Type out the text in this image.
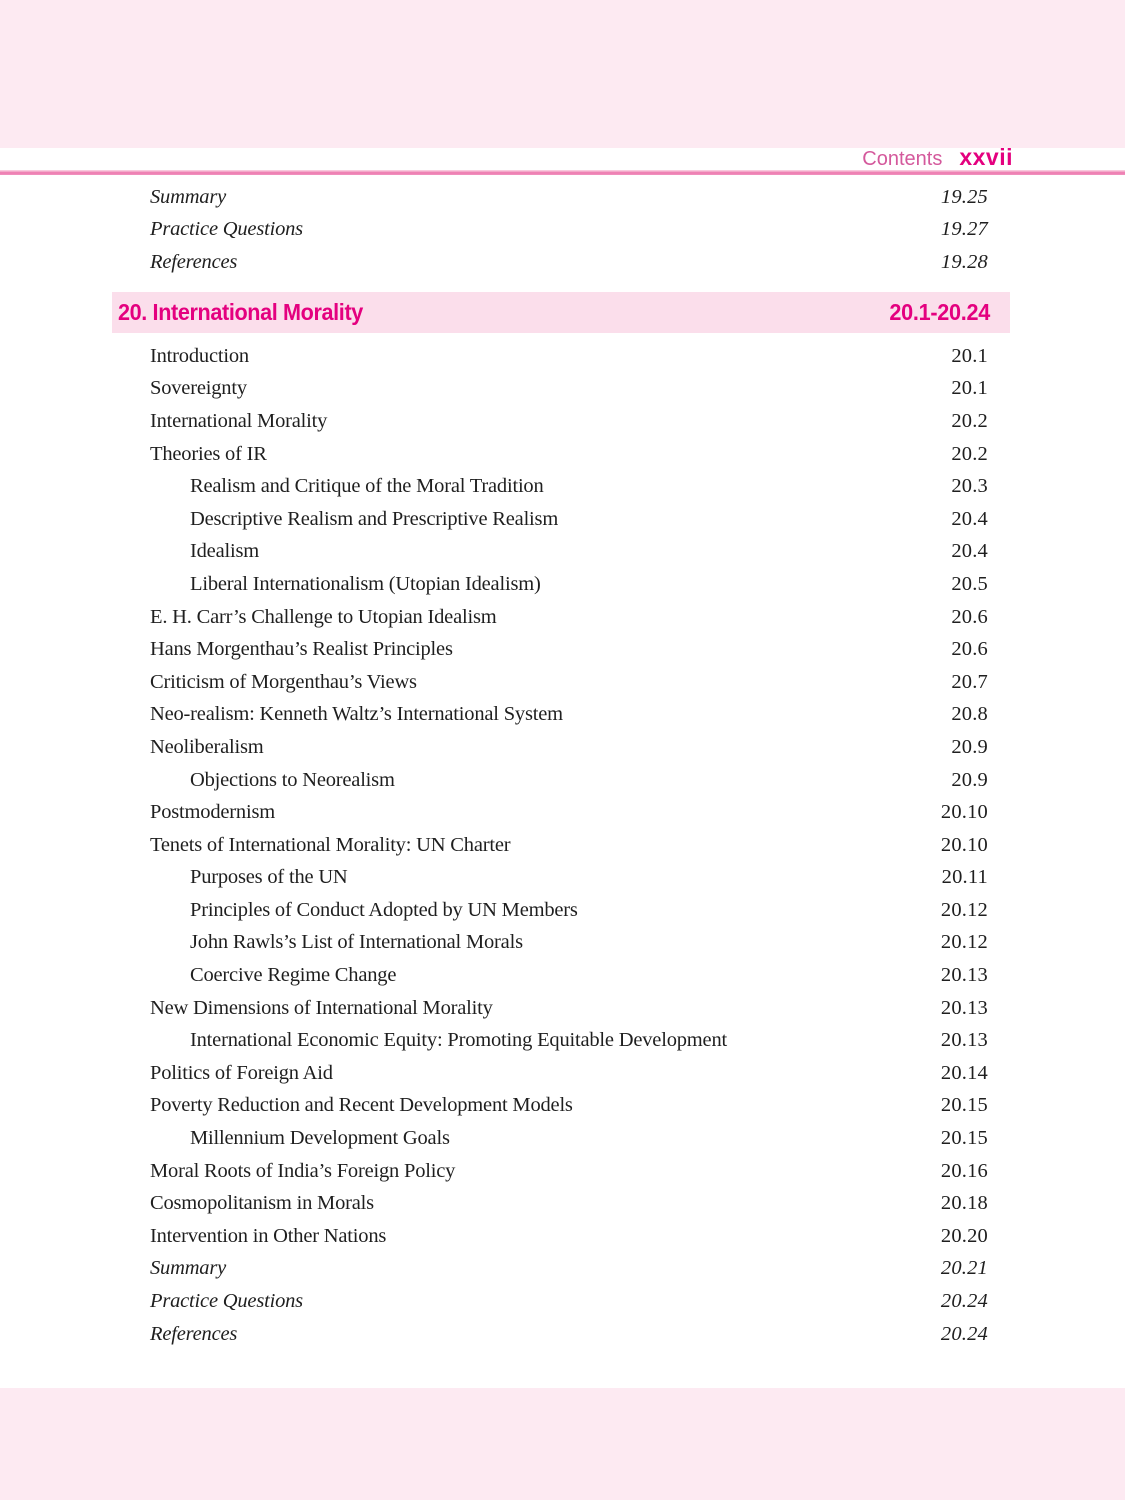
Contents xxvii
Summary	19.25
Practice Questions	19.27
References	19.28
20. International Morality	20.1-20.24
Introduction	20.1
Sovereignty	20.1
International Morality	20.2
Theories of IR	20.2
Realism and Critique of the Moral Tradition	20.3
Descriptive Realism and Prescriptive Realism	20.4
Idealism	20.4
Liberal Internationalism (Utopian Idealism)	20.5
E. H. Carr’s Challenge to Utopian Idealism	20.6
Hans Morgenthau’s Realist Principles	20.6
Criticism of Morgenthau’s Views	20.7
Neo-realism: Kenneth Waltz’s International System	20.8
Neoliberalism	20.9
Objections to Neorealism	20.9
Postmodernism	20.10
Tenets of International Morality: UN Charter	20.10
Purposes of the UN	20.11
Principles of Conduct Adopted by UN Members	20.12
John Rawls’s List of International Morals	20.12
Coercive Regime Change	20.13
New Dimensions of International Morality	20.13
International Economic Equity: Promoting Equitable Development	20.13
Politics of Foreign Aid	20.14
Poverty Reduction and Recent Development Models	20.15
Millennium Development Goals	20.15
Moral Roots of India’s Foreign Policy	20.16
Cosmopolitanism in Morals	20.18
Intervention in Other Nations	20.20
Summary	20.21
Practice Questions	20.24
References	20.24
